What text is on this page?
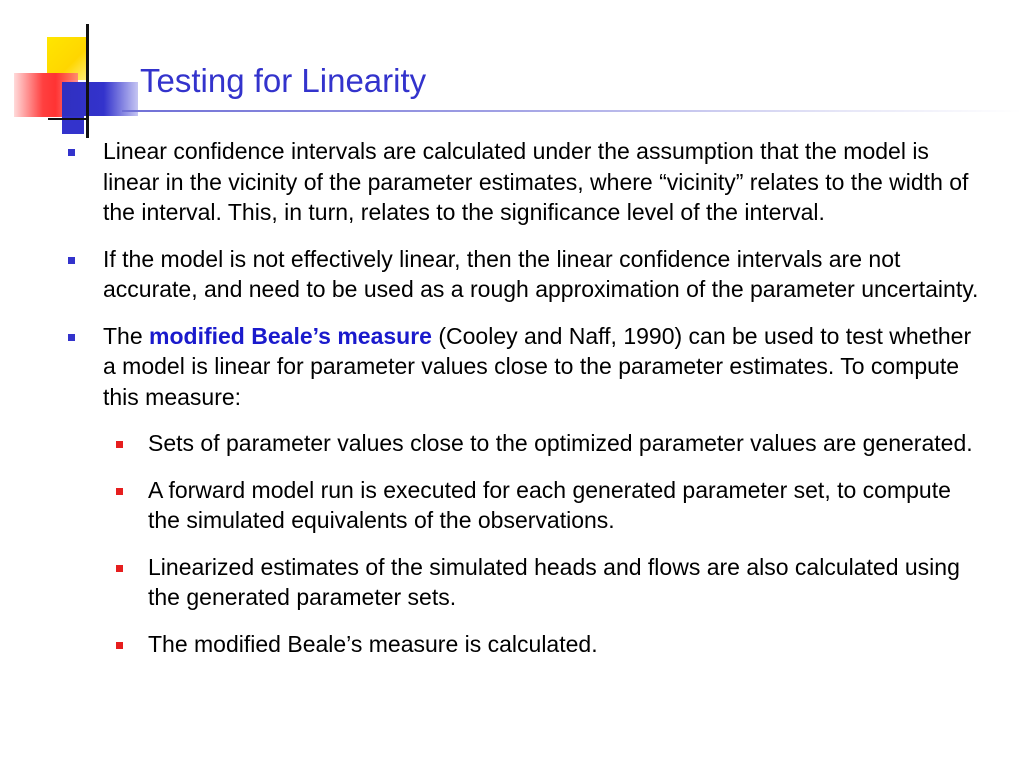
Testing for Linearity
Linear confidence intervals are calculated under the assumption that the model is linear in the vicinity of the parameter estimates, where “vicinity” relates to the width of the interval. This, in turn, relates to the significance level of the interval.
If the model is not effectively linear, then the linear confidence intervals are not accurate, and need to be used as a rough approximation of the parameter uncertainty.
The modified Beale’s measure (Cooley and Naff, 1990) can be used to test whether a model is linear for parameter values close to the parameter estimates. To compute this measure:
Sets of parameter values close to the optimized parameter values are generated.
A forward model run is executed for each generated parameter set, to compute the simulated equivalents of the observations.
Linearized estimates of the simulated heads and flows are also calculated using the generated parameter sets.
The modified Beale’s measure is calculated.
